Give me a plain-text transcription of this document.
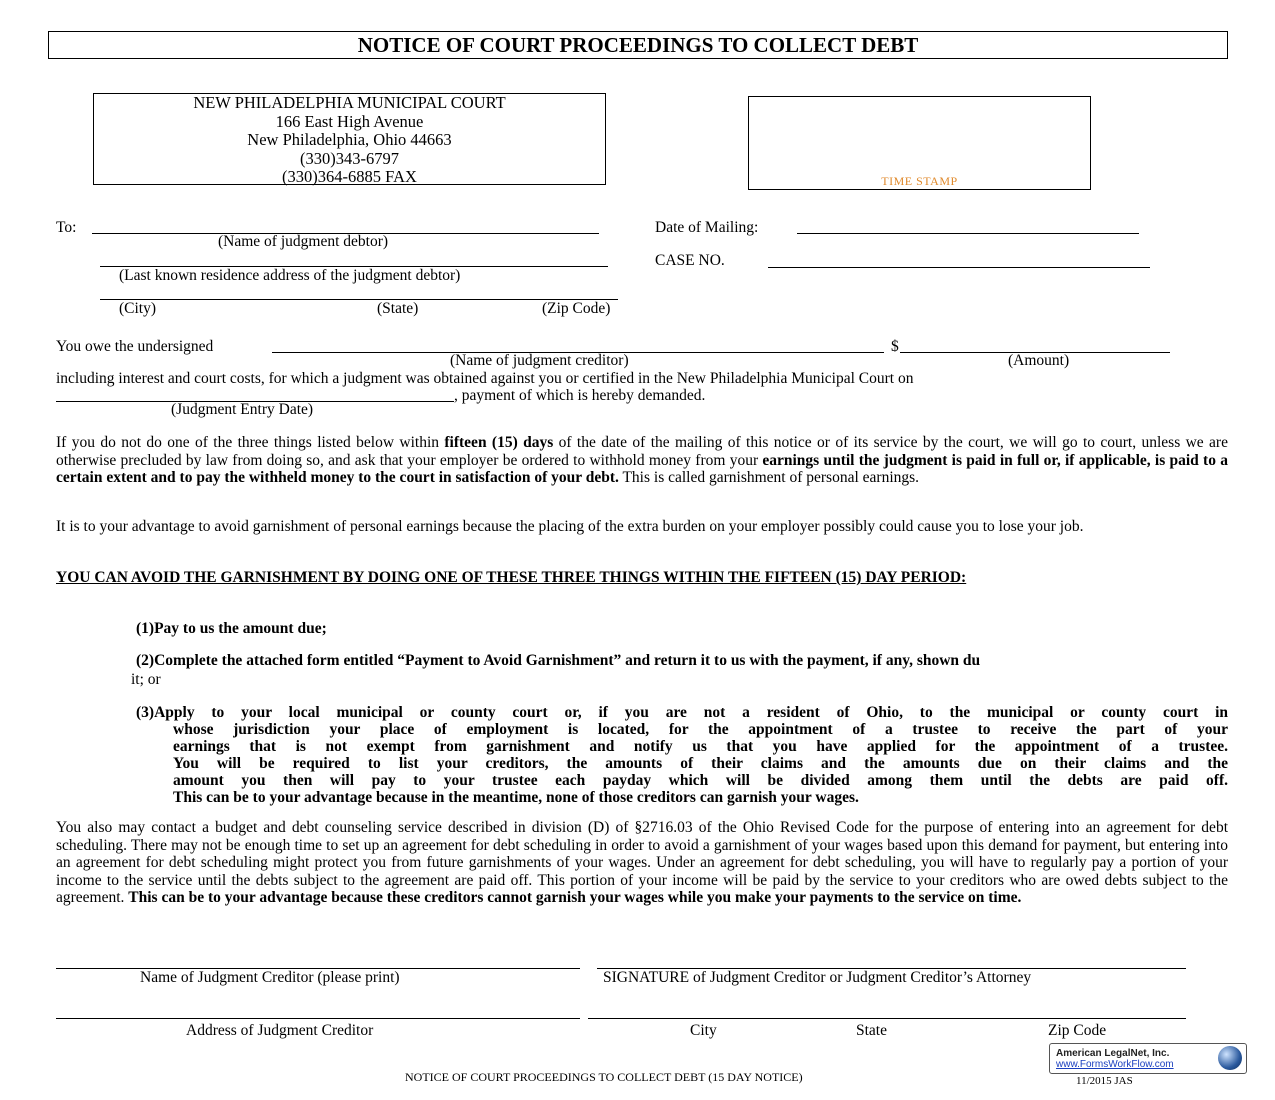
NOTICE OF COURT PROCEEDINGS TO COLLECT DEBT
NEW PHILADELPHIA MUNICIPAL COURT
166 East High Avenue
New Philadelphia, Ohio 44663
(330)343-6797
(330)364-6885 FAX	TIME STAMP
To:
(Name of judgment debtor)
Date of Mailing:
(Last known residence address of the judgment debtor)
CASE NO.
(City)	(State)	(Zip Code)
You owe the undersigned	$
(Name of judgment creditor)	(Amount)
including interest and court costs, for which a judgment was obtained against you or certified in the New Philadelphia Municipal Court on
, payment of which is hereby demanded.
(Judgment Entry Date)
If you do not do one of the three things listed below within fifteen (15) days of the date of the mailing of this notice or of its service by the court, we will go to court, unless we are otherwise precluded by law from doing so, and ask that your employer be ordered to withhold money from your earnings until the judgment is paid in full or, if applicable, is paid to a certain extent and to pay the withheld money to the court in satisfaction of your debt. This is called garnishment of personal earnings.
It is to your advantage to avoid garnishment of personal earnings because the placing of the extra burden on your employer possibly could cause you to lose your job.
YOU CAN AVOID THE GARNISHMENT BY DOING ONE OF THESE THREE THINGS WITHIN THE FIFTEEN (15) DAY PERIOD:
(1)Pay to us the amount due;
(2)Complete the attached form entitled “Payment to Avoid Garnishment” and return it to us with the payment, if any, shown du
it; or
(3)Apply to your local municipal or county court or, if you are not a resident of Ohio, to the municipal or county court in
whose jurisdiction your place of employment is located, for the appointment of a trustee to receive the part of your
earnings that is not exempt from garnishment and notify us that you have applied for the appointment of a trustee.
You will be required to list your creditors, the amounts of their claims and the amounts due on their claims and the
amount you then will pay to your trustee each payday which will be divided among them until the debts are paid off.
This can be to your advantage because in the meantime, none of those creditors can garnish your wages.
You also may contact a budget and debt counseling service described in division (D) of §2716.03 of the Ohio Revised Code for the purpose of entering into an agreement for debt scheduling. There may not be enough time to set up an agreement for debt scheduling in order to avoid a garnishment of your wages based upon this demand for payment, but entering into an agreement for debt scheduling might protect you from future garnishments of your wages. Under an agreement for debt scheduling, you will have to regularly pay a portion of your income to the service until the debts subject to the agreement are paid off. This portion of your income will be paid by the service to your creditors who are owed debts subject to the agreement. This can be to your advantage because these creditors cannot garnish your wages while you make your payments to the service on time.
Name of Judgment Creditor (please print)	SIGNATURE of Judgment Creditor or Judgment Creditor’s Attorney
Address of Judgment Creditor	City	State	Zip Code
NOTICE OF COURT PROCEEDINGS TO COLLECT DEBT (15 DAY NOTICE)
American LegalNet, Inc.
www.FormsWorkFlow.com
11/2015 JAS
